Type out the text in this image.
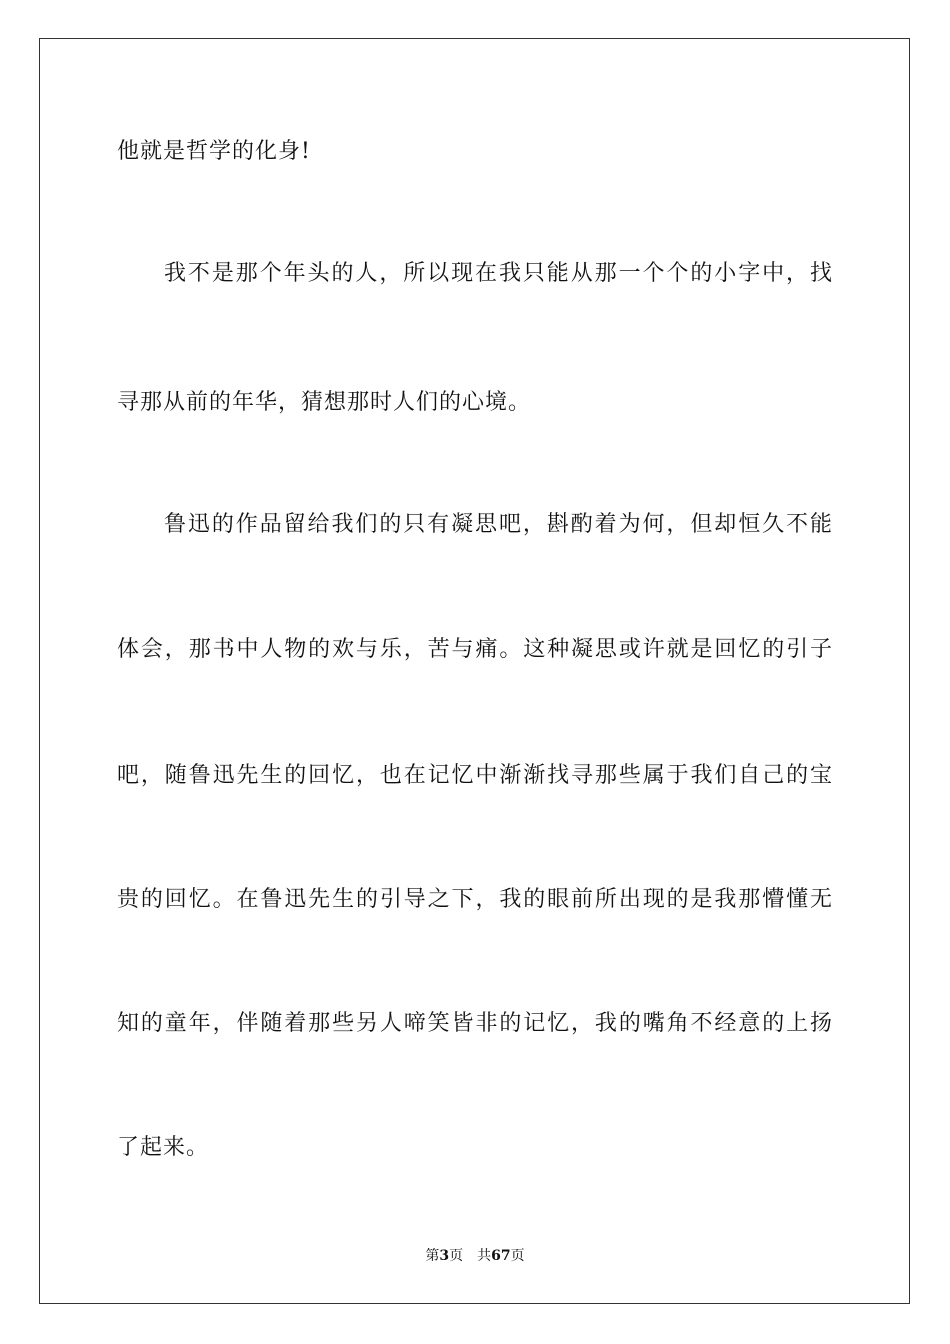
他就是哲学的化身!
我不是那个年头的人，所以现在我只能从那一个个的小字中，找
寻那从前的年华，猜想那时人们的心境。
鲁迅的作品留给我们的只有凝思吧，斟酌着为何，但却恒久不能
体会，那书中人物的欢与乐，苦与痛。这种凝思或许就是回忆的引子
吧，随鲁迅先生的回忆，也在记忆中渐渐找寻那些属于我们自己的宝
贵的回忆。在鲁迅先生的引导之下，我的眼前所出现的是我那懵懂无
知的童年，伴随着那些另人啼笑皆非的记忆，我的嘴角不经意的上扬
了起来。
第3页 共67页
